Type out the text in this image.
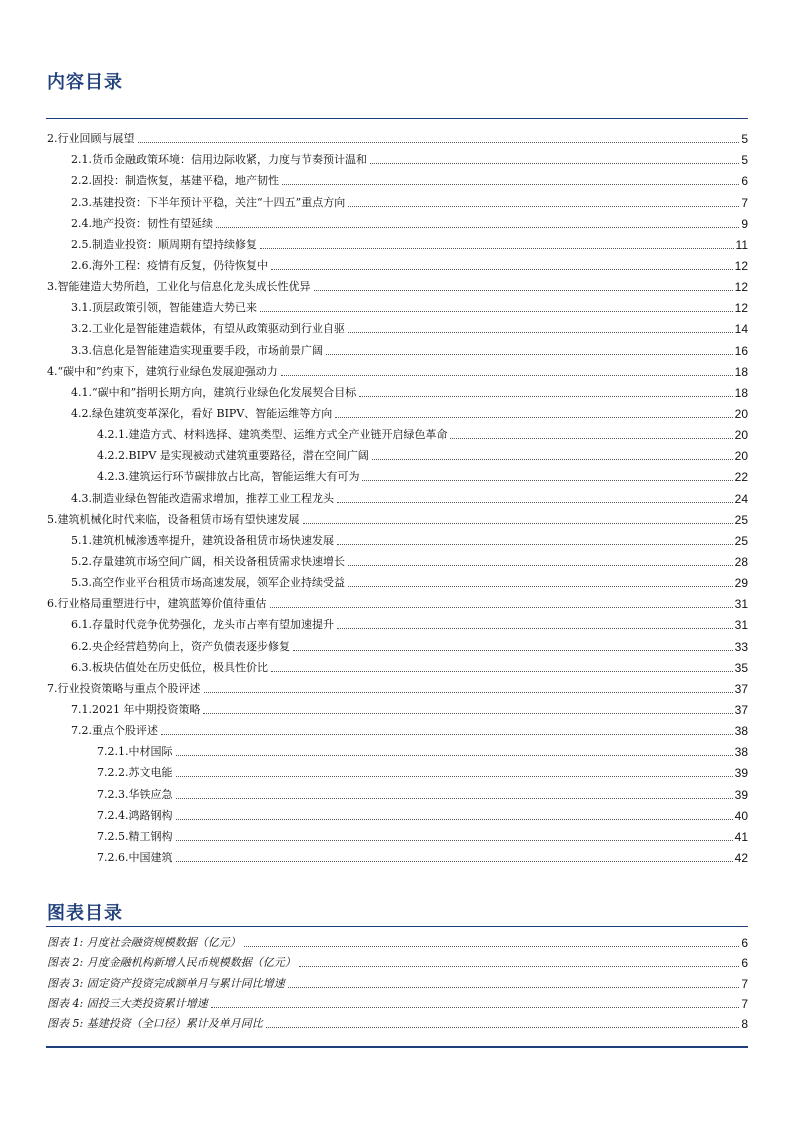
内容目录
2.行业回顾与展望	5
2.1.货币金融政策环境：信用边际收紧，力度与节奏预计温和	5
2.2.固投：制造恢复，基建平稳，地产韧性	6
2.3.基建投资：下半年预计平稳，关注“十四五”重点方向	7
2.4.地产投资：韧性有望延续	9
2.5.制造业投资：顺周期有望持续修复	11
2.6.海外工程：疫情有反复，仍待恢复中	12
3.智能建造大势所趋，工业化与信息化龙头成长性优异	12
3.1.顶层政策引领，智能建造大势已来	12
3.2.工业化是智能建造载体，有望从政策驱动到行业自驱	14
3.3.信息化是智能建造实现重要手段，市场前景广阔	16
4.“碳中和”约束下，建筑行业绿色发展迎强动力	18
4.1.“碳中和”指明长期方向，建筑行业绿色化发展契合目标	18
4.2.绿色建筑变革深化，看好 BIPV、智能运维等方向	20
4.2.1.建造方式、材料选择、建筑类型、运维方式全产业链开启绿色革命	20
4.2.2.BIPV 是实现被动式建筑重要路径，潜在空间广阔	20
4.2.3.建筑运行环节碳排放占比高，智能运维大有可为	22
4.3.制造业绿色智能改造需求增加，推荐工业工程龙头	24
5.建筑机械化时代来临，设备租赁市场有望快速发展	25
5.1.建筑机械渗透率提升，建筑设备租赁市场快速发展	25
5.2.存量建筑市场空间广阔，相关设备租赁需求快速增长	28
5.3.高空作业平台租赁市场高速发展，领军企业持续受益	29
6.行业格局重塑进行中，建筑蓝筹价值待重估	31
6.1.存量时代竞争优势强化，龙头市占率有望加速提升	31
6.2.央企经营趋势向上，资产负债表逐步修复	33
6.3.板块估值处在历史低位，极具性价比	35
7.行业投资策略与重点个股评述	37
7.1.2021 年中期投资策略	37
7.2.重点个股评述	38
7.2.1.中材国际	38
7.2.2.苏文电能	39
7.2.3.华铁应急	39
7.2.4.鸿路钢构	40
7.2.5.精工钢构	41
7.2.6.中国建筑	42
图表目录
图表 1: 月度社会融资规模数据（亿元）	6
图表 2: 月度金融机构新增人民币规模数据（亿元）	6
图表 3: 固定资产投资完成额单月与累计同比增速	7
图表 4: 固投三大类投资累计增速	7
图表 5: 基建投资（全口径）累计及单月同比	8
